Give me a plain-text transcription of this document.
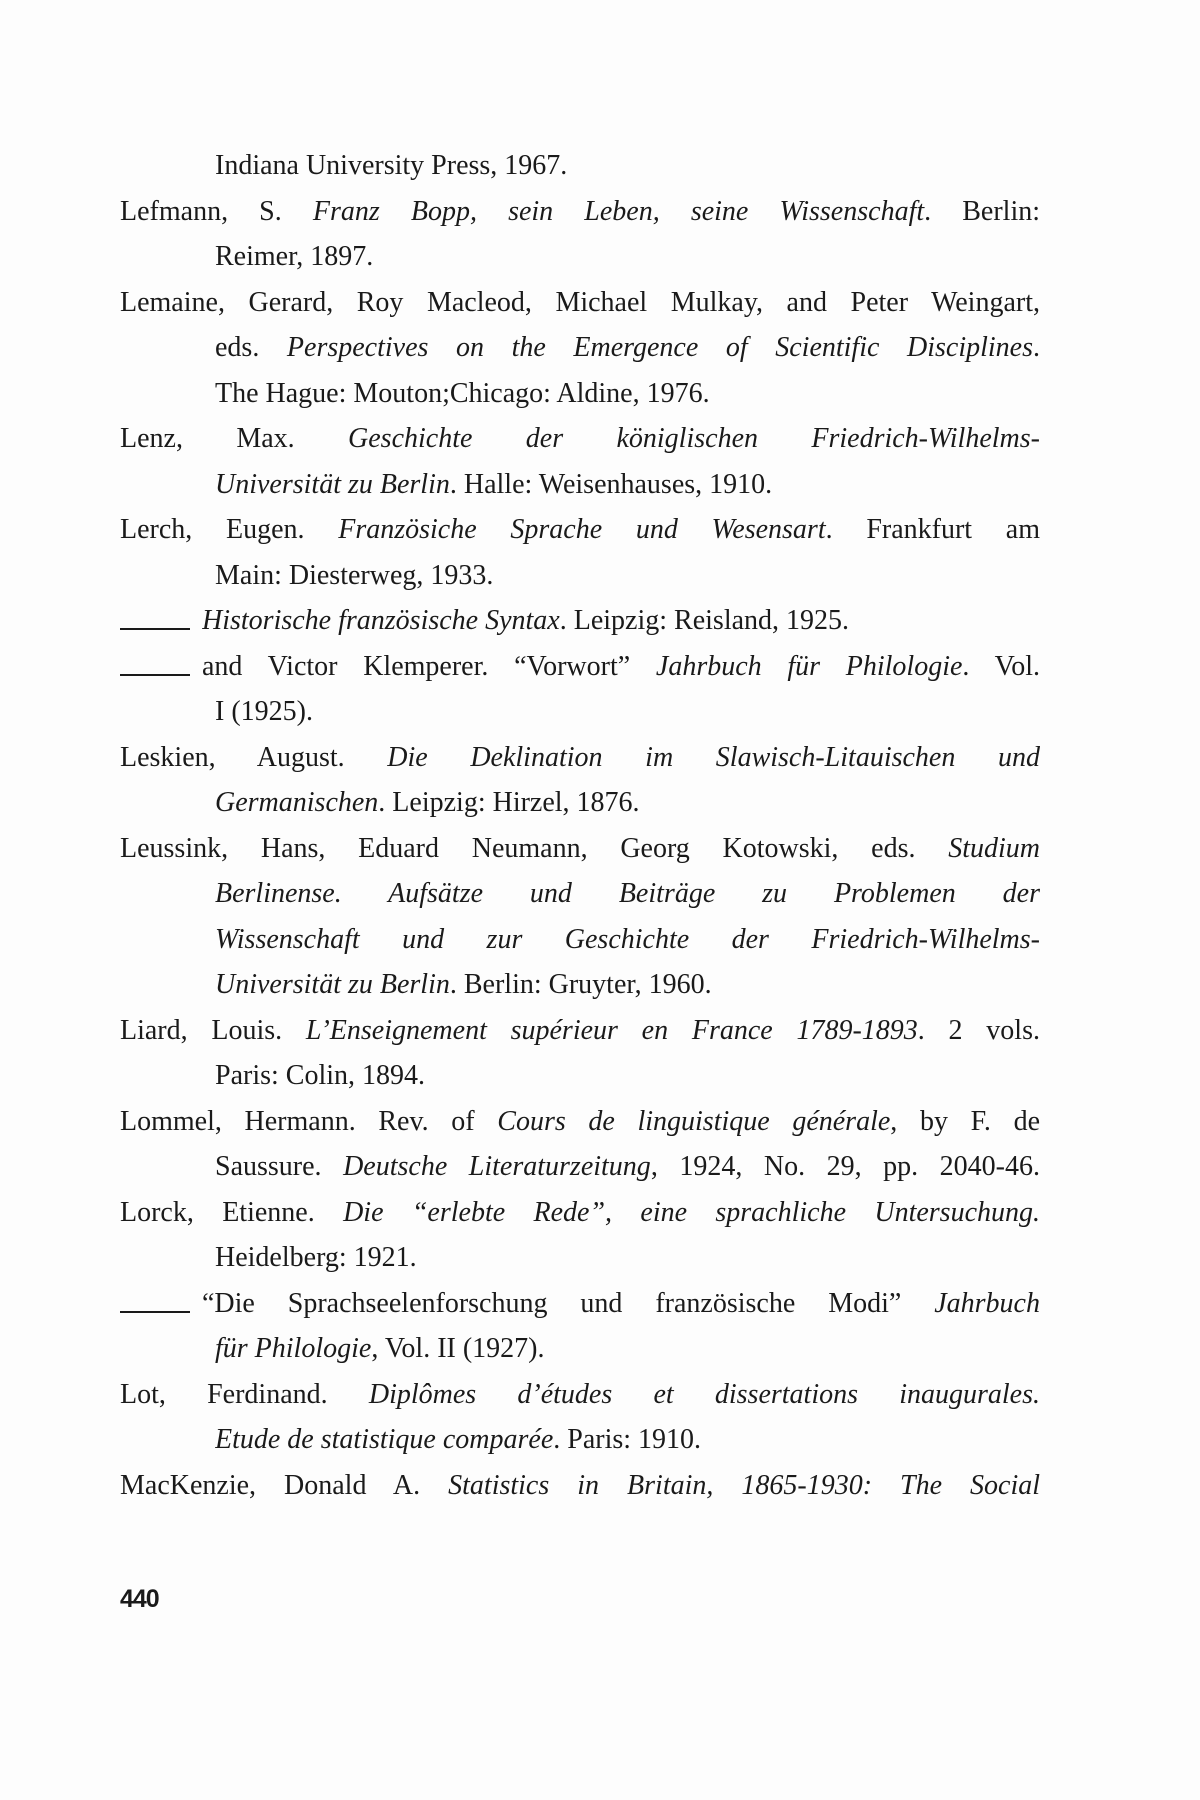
Indiana University Press, 1967.
Lefmann, S. Franz Bopp, sein Leben, seine Wissenschaft. Berlin:
Reimer, 1897.
Lemaine, Gerard, Roy Macleod, Michael Mulkay, and Peter Weingart,
eds. Perspectives on the Emergence of Scientific Disciplines.
The Hague: Mouton;Chicago: Aldine, 1976.
Lenz, Max. Geschichte der königlischen Friedrich-Wilhelms-
Universität zu Berlin. Halle: Weisenhauses, 1910.
Lerch, Eugen. Französiche Sprache und Wesensart. Frankfurt am
Main: Diesterweg, 1933.
Historische französische Syntax. Leipzig: Reisland, 1925.
and Victor Klemperer. “Vorwort” Jahrbuch für Philologie. Vol.
I (1925).
Leskien, August. Die Deklination im Slawisch-Litauischen und
Germanischen. Leipzig: Hirzel, 1876.
Leussink, Hans, Eduard Neumann, Georg Kotowski, eds. Studium
Berlinense. Aufsätze und Beiträge zu Problemen der
Wissenschaft und zur Geschichte der Friedrich-Wilhelms-
Universität zu Berlin. Berlin: Gruyter, 1960.
Liard, Louis. L’Enseignement supérieur en France 1789-1893. 2 vols.
Paris: Colin, 1894.
Lommel, Hermann. Rev. of Cours de linguistique générale, by F. de
Saussure. Deutsche Literaturzeitung, 1924, No. 29, pp. 2040-46.
Lorck, Etienne. Die “erlebte Rede”, eine sprachliche Untersuchung.
Heidelberg: 1921.
“Die Sprachseelenforschung und französische Modi” Jahrbuch
für Philologie, Vol. II (1927).
Lot, Ferdinand. Diplômes d’études et dissertations inaugurales.
Etude de statistique comparée. Paris: 1910.
MacKenzie, Donald A. Statistics in Britain, 1865-1930: The Social
440
